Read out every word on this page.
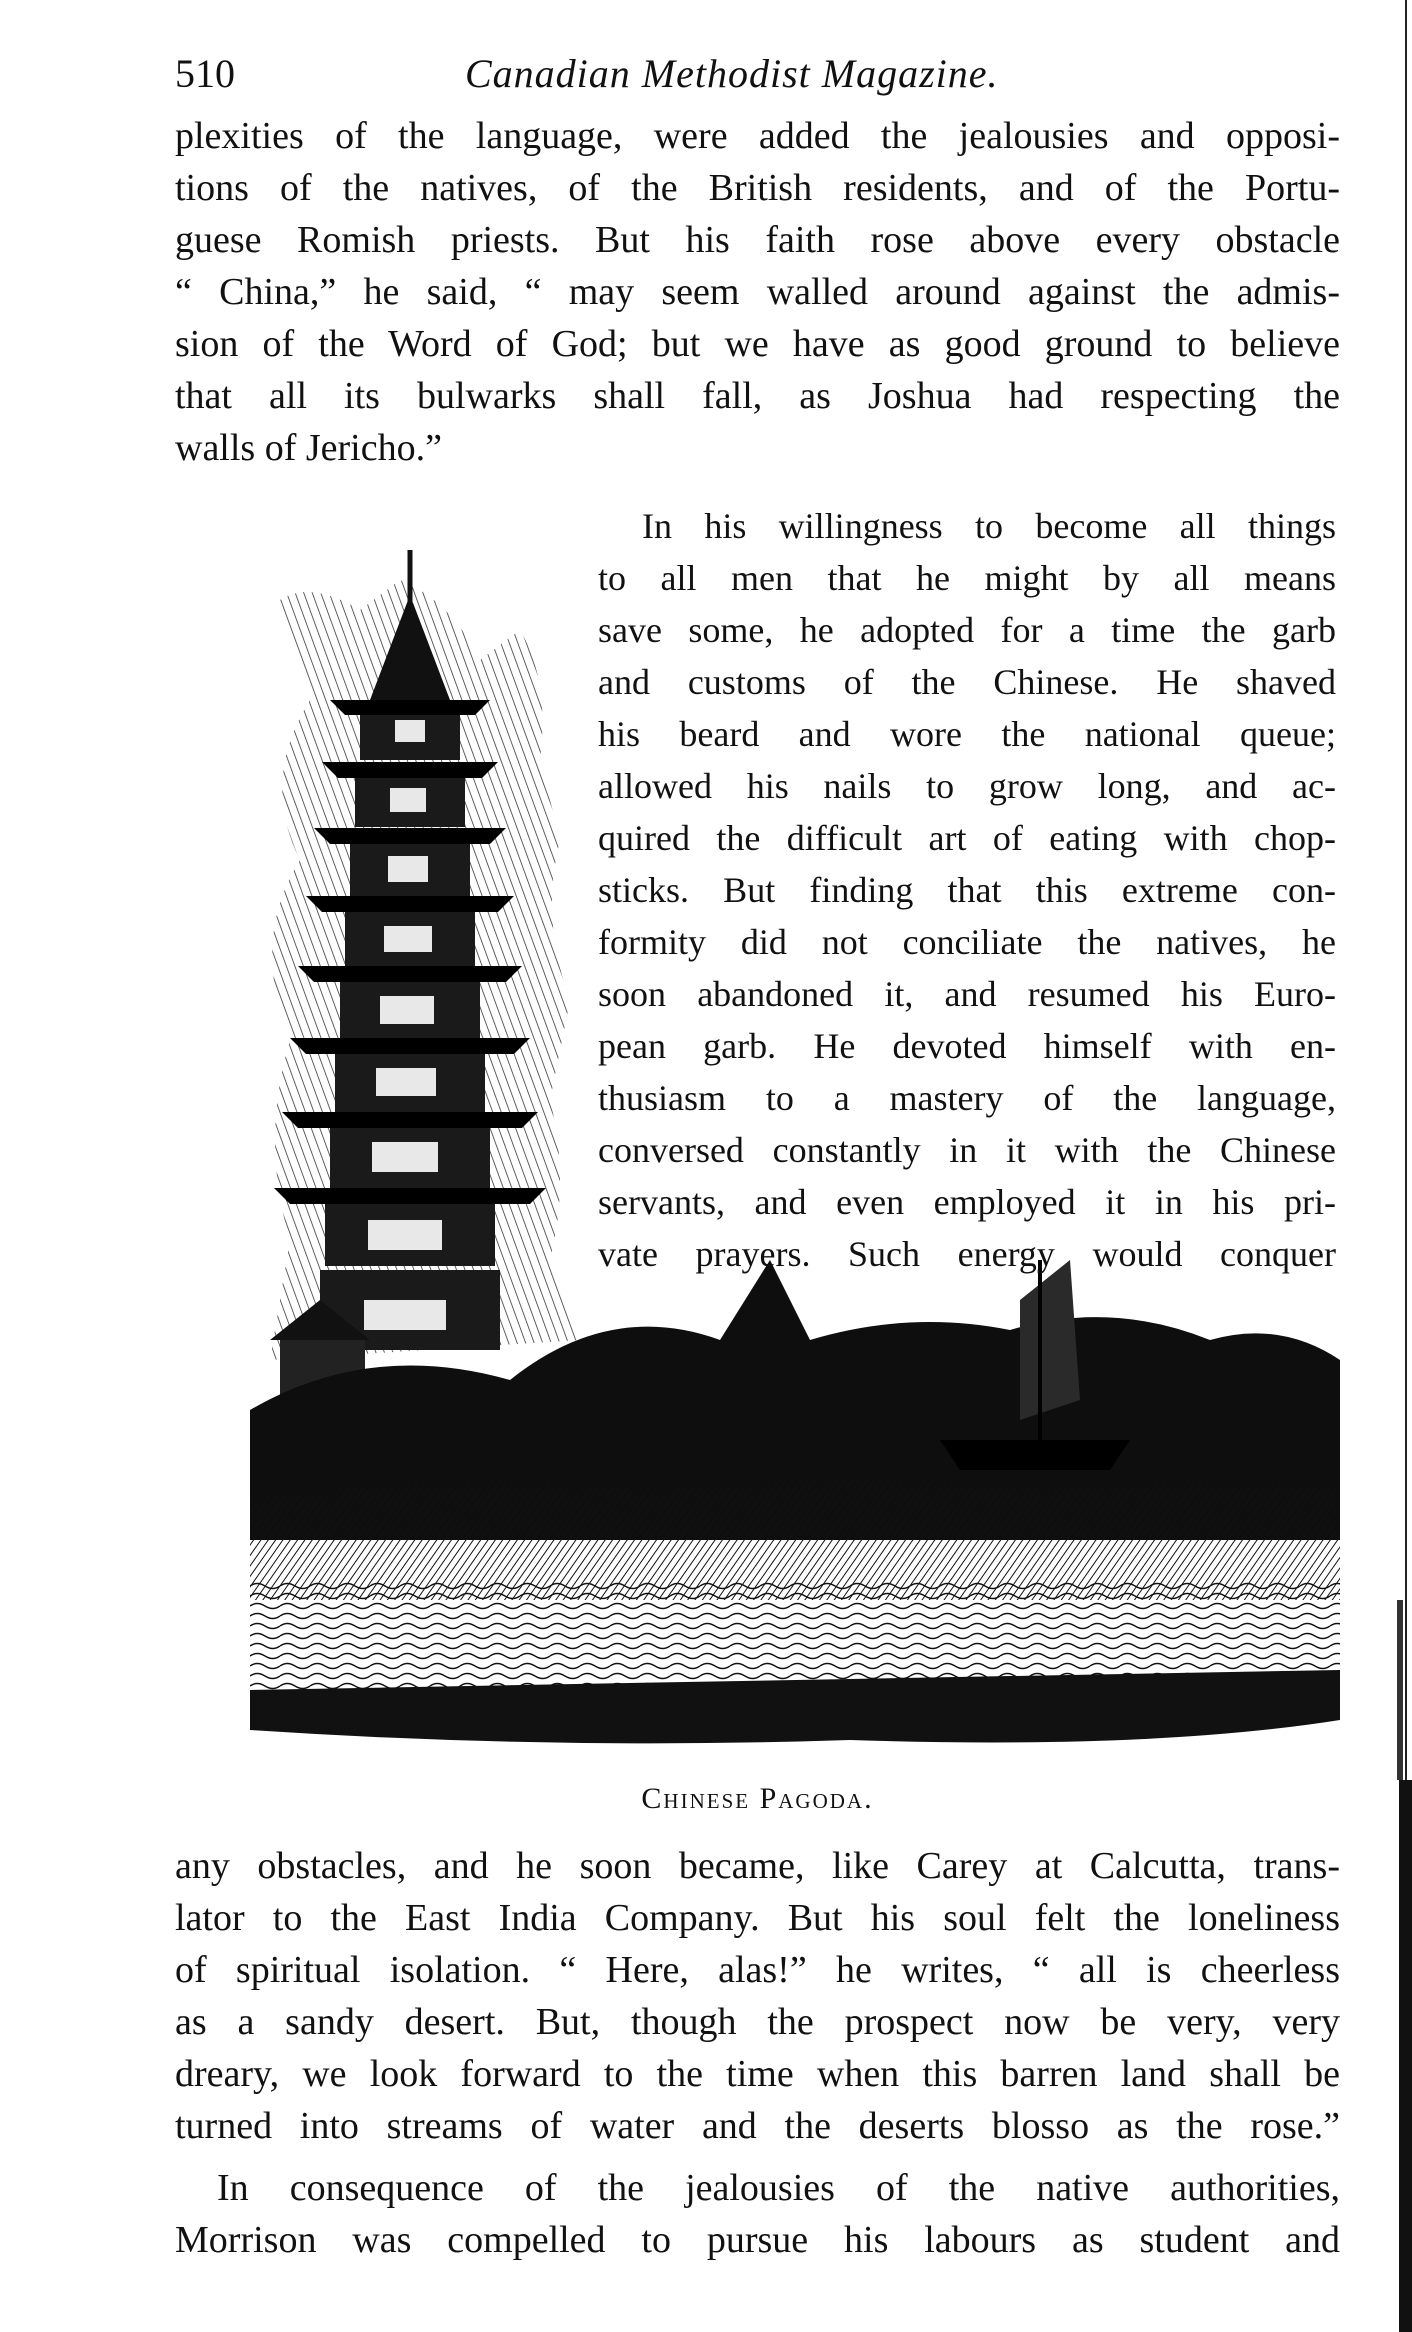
510	Canadian Methodist Magazine.
plexities of the language, were added the jealousies and opposi-
tions of the natives, of the British residents, and of the Portu-
guese Romish priests. But his faith rose above every obstacle
“ China,” he said, “ may seem walled around against the admis-
sion of the Word of God; but we have as good ground to believe
that all its bulwarks shall fall, as Joshua had respecting the
walls of Jericho.”
In his willingness to become all things
to all men that he might by all means
save some, he adopted for a time the garb
and customs of the Chinese. He shaved
his beard and wore the national queue;
allowed his nails to grow long, and ac-
quired the difficult art of eating with chop-
sticks. But finding that this extreme con-
formity did not conciliate the natives, he
soon abandoned it, and resumed his Euro-
pean garb. He devoted himself with en-
thusiasm to a mastery of the language,
conversed constantly in it with the Chinese
servants, and even employed it in his pri-
vate prayers. Such energy would conquer
Chinese Pagoda.
any obstacles, and he soon became, like Carey at Calcutta, trans-
lator to the East India Company. But his soul felt the loneliness
of spiritual isolation. “ Here, alas!” he writes, “ all is cheerless
as a sandy desert. But, though the prospect now be very, very
dreary, we look forward to the time when this barren land shall be
turned into streams of water and the deserts blosso as the rose.”
In consequence of the jealousies of the native authorities,
Morrison was compelled to pursue his labours as student and
